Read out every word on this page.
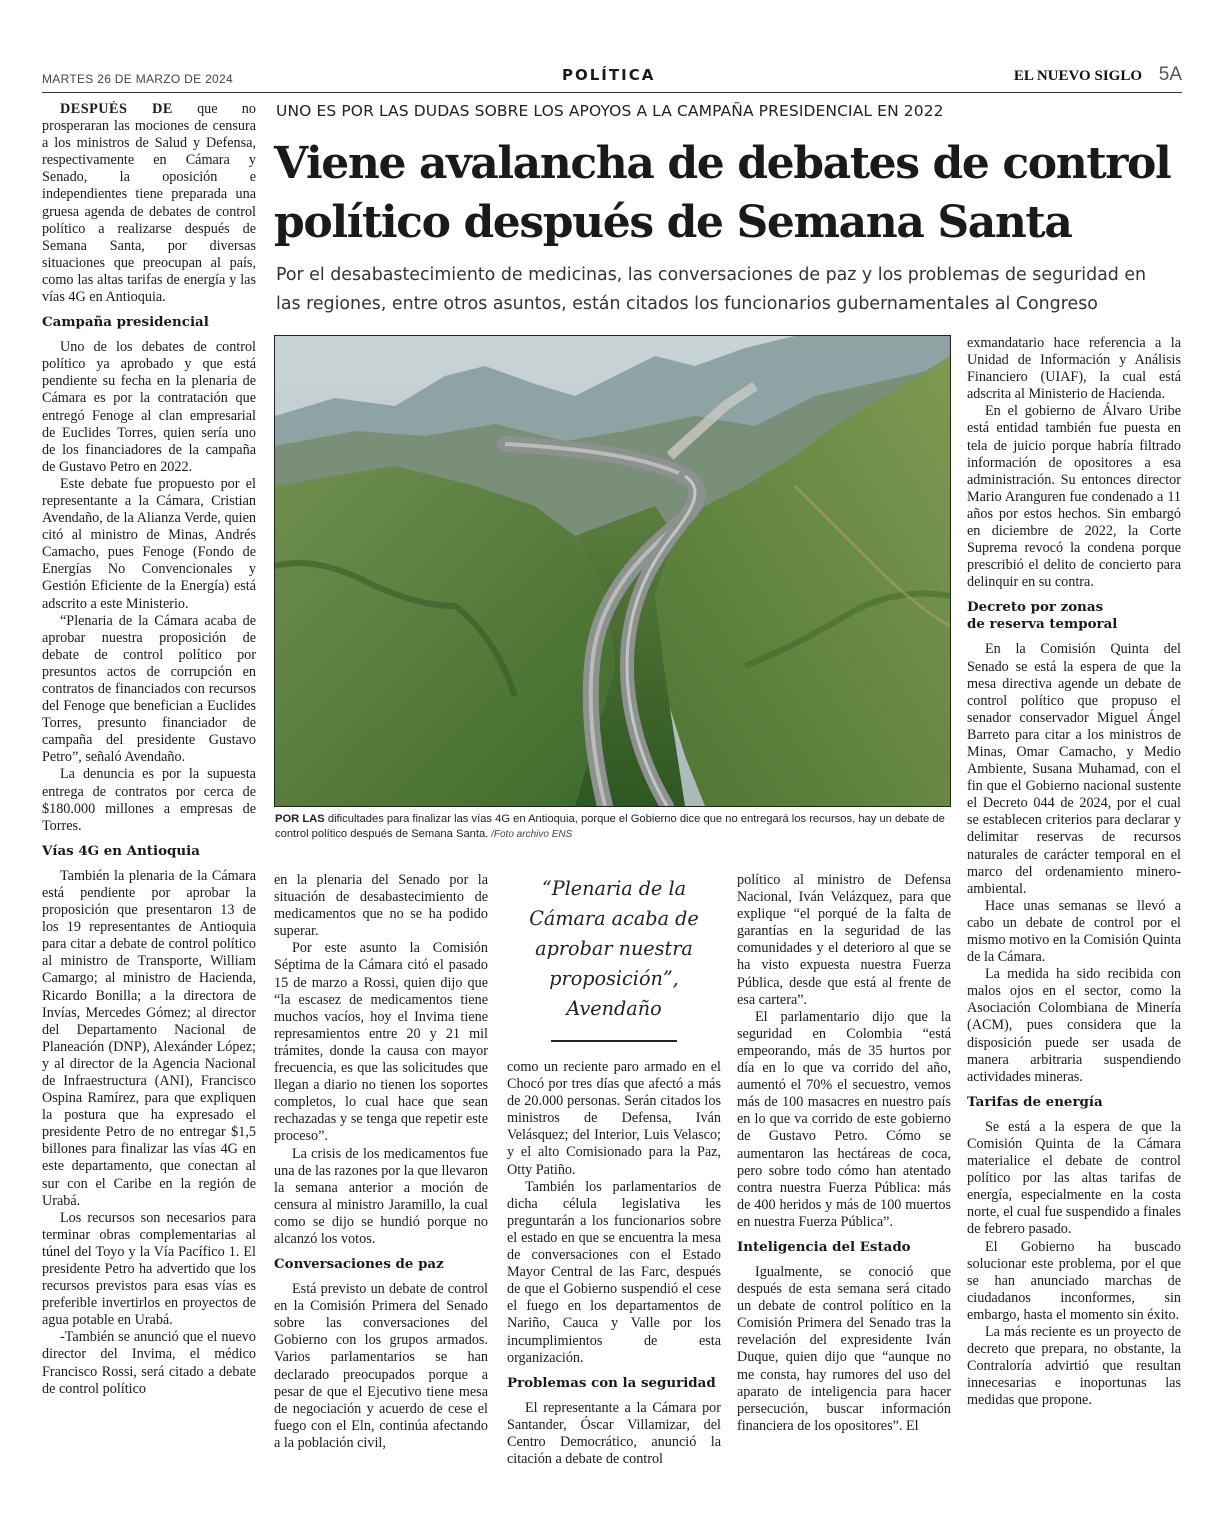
MARTES 26 DE MARZO DE 2024	POLÍTICA	EL NUEVO SIGLO 5A

DESPUÉS DE que no prosperaran las mociones de censura a los ministros de Salud y Defensa, respectivamente en Cámara y Senado, la oposición e independientes tiene preparada una gruesa agenda de debates de control político a realizarse después de Semana Santa, por diversas situaciones que preocupan al país, como las altas tarifas de energía y las vías 4G en Antioquia.

Campaña presidencial

Uno de los debates de control político ya aprobado y que está pendiente su fecha en la plenaria de Cámara es por la contratación que entregó Fenoge al clan empresarial de Euclides Torres, quien sería uno de los financiadores de la campaña de Gustavo Petro en 2022.

Este debate fue propuesto por el representante a la Cámara, Cristian Avendaño, de la Alianza Verde, quien citó al ministro de Minas, Andrés Camacho, pues Fenoge (Fondo de Energías No Convencionales y Gestión Eficiente de la Energía) está adscrito a este Ministerio.

“Plenaria de la Cámara acaba de aprobar nuestra proposición de debate de control político por presuntos actos de corrupción en contratos de financiados con recursos del Fenoge que benefician a Euclides Torres, presunto financiador de campaña del presidente Gustavo Petro”, señaló Avendaño.

La denuncia es por la supuesta entrega de contratos por cerca de $180.000 millones a empresas de Torres.

Vías 4G en Antioquia

También la plenaria de la Cámara está pendiente por aprobar la proposición que presentaron 13 de los 19 representantes de Antioquia para citar a debate de control político al ministro de Transporte, William Camargo; al ministro de Hacienda, Ricardo Bonilla; a la directora de Invías, Mercedes Gómez; al director del Departamento Nacional de Planeación (DNP), Alexánder López; y al director de la Agencia Nacional de Infraestructura (ANI), Francisco Ospina Ramírez, para que expliquen la postura que ha expresado el presidente Petro de no entregar $1,5 billones para finalizar las vías 4G en este departamento, que conectan al sur con el Caribe en la región de Urabá.

Los recursos son necesarios para terminar obras complementarias al túnel del Toyo y la Vía Pacífico 1. El presidente Petro ha advertido que los recursos previstos para esas vías es preferible invertirlos en proyectos de agua potable en Urabá.

-También se anunció que el nuevo director del Invima, el médico Francisco Rossi, será citado a debate de control político

UNO ES POR LAS DUDAS SOBRE LOS APOYOS A LA CAMPAÑA PRESIDENCIAL EN 2022
Viene avalancha de debates de control político después de Semana Santa

Por el desabastecimiento de medicinas, las conversaciones de paz y los problemas de seguridad en las regiones, entre otros asuntos, están citados los funcionarios gubernamentales al Congreso

POR LAS dificultades para finalizar las vías 4G en Antioquia, porque el Gobierno dice que no entregará los recursos, hay un debate de control político después de Semana Santa. /Foto archivo ENS

en la plenaria del Senado por la situación de desabastecimiento de medicamentos que no se ha podido superar.

Por este asunto la Comisión Séptima de la Cámara citó el pasado 15 de marzo a Rossi, quien dijo que “la escasez de medicamentos tiene muchos vacíos, hoy el Invima tiene represamientos entre 20 y 21 mil trámites, donde la causa con mayor frecuencia, es que las solicitudes que llegan a diario no tienen los soportes completos, lo cual hace que sean rechazadas y se tenga que repetir este proceso”.

La crisis de los medicamentos fue una de las razones por la que llevaron la semana anterior a moción de censura al ministro Jaramillo, la cual como se dijo se hundió porque no alcanzó los votos.

Conversaciones de paz

Está previsto un debate de control en la Comisión Primera del Senado sobre las conversaciones del Gobierno con los grupos armados. Varios parlamentarios se han declarado preocupados porque a pesar de que el Ejecutivo tiene mesa de negociación y acuerdo de cese el fuego con el Eln, continúa afectando a la población civil,

“Plenaria de la Cámara acaba de aprobar nuestra proposición”, Avendaño

como un reciente paro armado en el Chocó por tres días que afectó a más de 20.000 personas. Serán citados los ministros de Defensa, Iván Velásquez; del Interior, Luis Velasco; y el alto Comisionado para la Paz, Otty Patiño.

También los parlamentarios de dicha célula legislativa les preguntarán a los funcionarios sobre el estado en que se encuentra la mesa de conversaciones con el Estado Mayor Central de las Farc, después de que el Gobierno suspendió el cese el fuego en los departamentos de Nariño, Cauca y Valle por los incumplimientos de esta organización.

Problemas con la seguridad

El representante a la Cámara por Santander, Óscar Villamizar, del Centro Democrático, anunció la citación a debate de control

político al ministro de Defensa Nacional, Iván Velázquez, para que explique “el porqué de la falta de garantías en la seguridad de las comunidades y el deterioro al que se ha visto expuesta nuestra Fuerza Pública, desde que está al frente de esa cartera”.

El parlamentario dijo que la seguridad en Colombia “está empeorando, más de 35 hurtos por día en lo que va corrido del año, aumentó el 70% el secuestro, vemos más de 100 masacres en nuestro país en lo que va corrido de este gobierno de Gustavo Petro. Cómo se aumentaron las hectáreas de coca, pero sobre todo cómo han atentado contra nuestra Fuerza Pública: más de 400 heridos y más de 100 muertos en nuestra Fuerza Pública”.

Inteligencia del Estado

Igualmente, se conoció que después de esta semana será citado un debate de control político en la Comisión Primera del Senado tras la revelación del expresidente Iván Duque, quien dijo que “aunque no me consta, hay rumores del uso del aparato de inteligencia para hacer persecución, buscar información financiera de los opositores”. El

exmandatario hace referencia a la Unidad de Información y Análisis Financiero (UIAF), la cual está adscrita al Ministerio de Hacienda.

En el gobierno de Álvaro Uribe está entidad también fue puesta en tela de juicio porque habría filtrado información de opositores a esa administración. Su entonces director Mario Aranguren fue condenado a 11 años por estos hechos. Sin embargó en diciembre de 2022, la Corte Suprema revocó la condena porque prescribió el delito de concierto para delinquir en su contra.

Decreto por zonas
de reserva temporal

En la Comisión Quinta del Senado se está la espera de que la mesa directiva agende un debate de control político que propuso el senador conservador Miguel Ángel Barreto para citar a los ministros de Minas, Omar Camacho, y Medio Ambiente, Susana Muhamad, con el fin que el Gobierno nacional sustente el Decreto 044 de 2024, por el cual se establecen criterios para declarar y delimitar reservas de recursos naturales de carácter temporal en el marco del ordenamiento minero-ambiental.

Hace unas semanas se llevó a cabo un debate de control por el mismo motivo en la Comisión Quinta de la Cámara.

La medida ha sido recibida con malos ojos en el sector, como la Asociación Colombiana de Minería (ACM), pues considera que la disposición puede ser usada de manera arbitraria suspendiendo actividades mineras.

Tarifas de energía

Se está a la espera de que la Comisión Quinta de la Cámara materialice el debate de control político por las altas tarifas de energía, especialmente en la costa norte, el cual fue suspendido a finales de febrero pasado.

El Gobierno ha buscado solucionar este problema, por el que se han anunciado marchas de ciudadanos inconformes, sin embargo, hasta el momento sin éxito.

La más reciente es un proyecto de decreto que prepara, no obstante, la Contraloría advirtió que resultan innecesarias e inoportunas las medidas que propone.
